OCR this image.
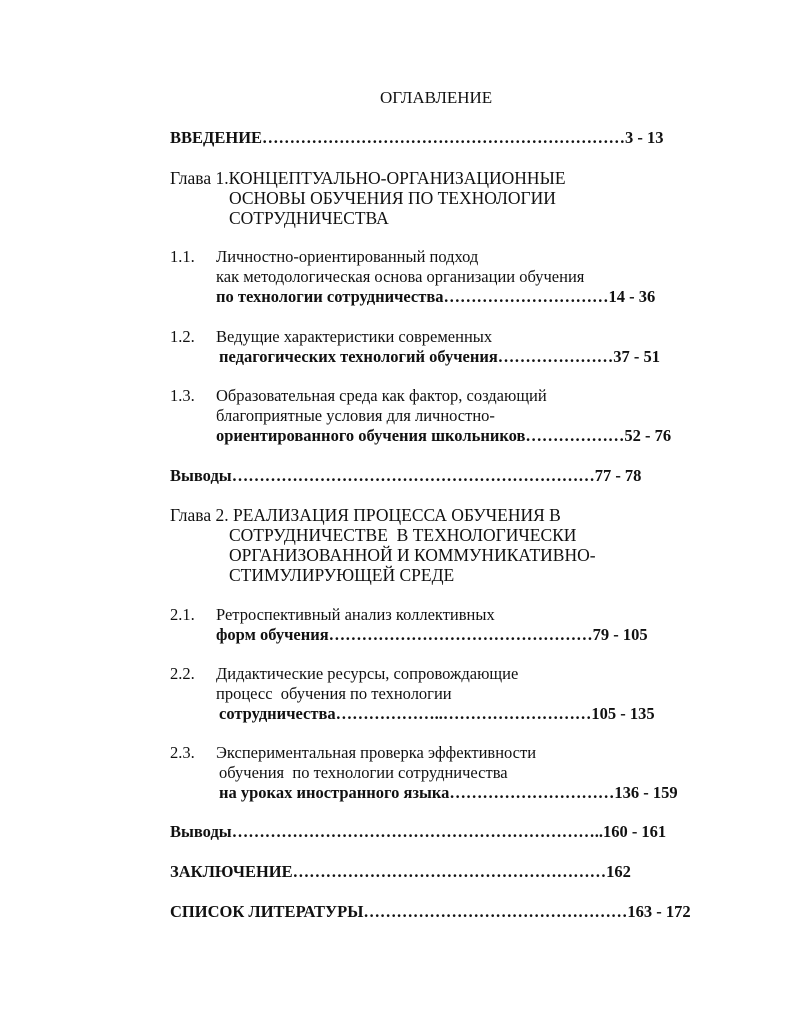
ОГЛАВЛЕНИЕ
ВВЕДЕНИЕ…………………………………………………………3 - 13
Глава 1.КОНЦЕПТУАЛЬНО-ОРГАНИЗАЦИОННЫЕ
ОСНОВЫ ОБУЧЕНИЯ ПО ТЕХНОЛОГИИ
СОТРУДНИЧЕСТВА
1.1. Личностно-ориентированный подход
как методологическая основа организации обучения
по технологии сотрудничества…………………………14 - 36
1.2. Ведущие характеристики современных
педагогических технологий обучения…………………37 - 51
1.3. Образовательная среда как фактор, создающий
благоприятные условия для личностно-
ориентированного обучения школьников………………52 - 76
Выводы…………………………………………………………77 - 78
Глава 2. РЕАЛИЗАЦИЯ ПРОЦЕССА ОБУЧЕНИЯ В
СОТРУДНИЧЕСТВЕ  В ТЕХНОЛОГИЧЕСКИ
ОРГАНИЗОВАННОЙ И КОММУНИКАТИВНО-
СТИМУЛИРУЮЩЕЙ СРЕДЕ
2.1. Ретроспективный анализ коллективных
форм обучения…………………………………………79 - 105
2.2. Дидактические ресурсы, сопровождающие
процесс  обучения по технологии
сотрудничества………………..………………………105 - 135
2.3. Экспериментальная проверка эффективности
обучения  по технологии сотрудничества
на уроках иностранного языка…………………………136 - 159
Выводы…………………………………………………………..160 - 161
ЗАКЛЮЧЕНИЕ…………………………………………………162
СПИСОК ЛИТЕРАТУРЫ…………………………………………163 - 172
